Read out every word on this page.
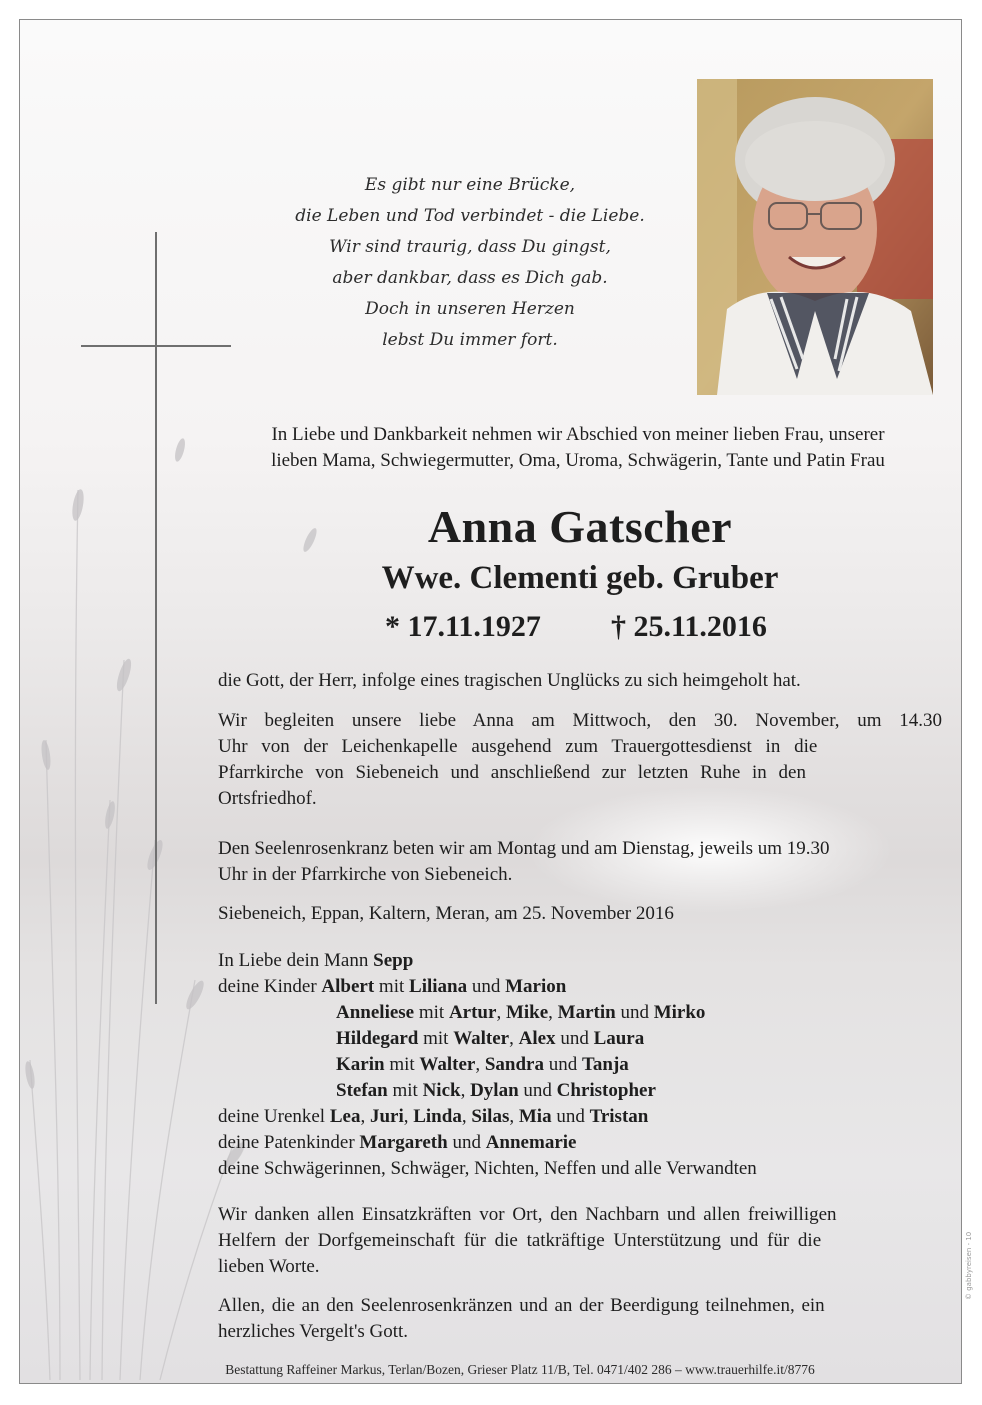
Es gibt nur eine Brücke,
die Leben und Tod verbindet - die Liebe.
Wir sind traurig, dass Du gingst,
aber dankbar, dass es Dich gab.
Doch in unseren Herzen
lebst Du immer fort.
In Liebe und Dankbarkeit nehmen wir Abschied von meiner lieben Frau, unserer
lieben Mama, Schwiegermutter, Oma, Uroma, Schwägerin, Tante und Patin Frau
Anna Gatscher
Wwe. Clementi geb. Gruber
* 17.11.1927 † 25.11.2016
die Gott, der Herr, infolge eines tragischen Unglücks zu sich heimgeholt hat.
Wir begleiten unsere liebe Anna am Mittwoch, den 30. November, um 14.30
Uhr von der Leichenkapelle ausgehend zum Trauergottesdienst in die
Pfarrkirche von Siebeneich und anschließend zur letzten Ruhe in den
Ortsfriedhof.
Den Seelenrosenkranz beten wir am Montag und am Dienstag, jeweils um 19.30
Uhr in der Pfarrkirche von Siebeneich.
Siebeneich, Eppan, Kaltern, Meran, am 25. November 2016
In Liebe dein Mann Sepp
deine Kinder Albert mit Liliana und Marion
Anneliese mit Artur, Mike, Martin und Mirko
Hildegard mit Walter, Alex und Laura
Karin mit Walter, Sandra und Tanja
Stefan mit Nick, Dylan und Christopher
deine Urenkel Lea, Juri, Linda, Silas, Mia und Tristan
deine Patenkinder Margareth und Annemarie
deine Schwägerinnen, Schwäger, Nichten, Neffen und alle Verwandten
Wir danken allen Einsatzkräften vor Ort, den Nachbarn und allen freiwilligen
Helfern der Dorfgemeinschaft für die tatkräftige Unterstützung und für die
lieben Worte.
Allen, die an den Seelenrosenkränzen und an der Beerdigung teilnehmen, ein
herzliches Vergelt's Gott.
Bestattung Raffeiner Markus, Terlan/Bozen, Grieser Platz 11/B, Tel. 0471/402 286 – www.trauerhilfe.it/8776
© gabbyreisen - 10
